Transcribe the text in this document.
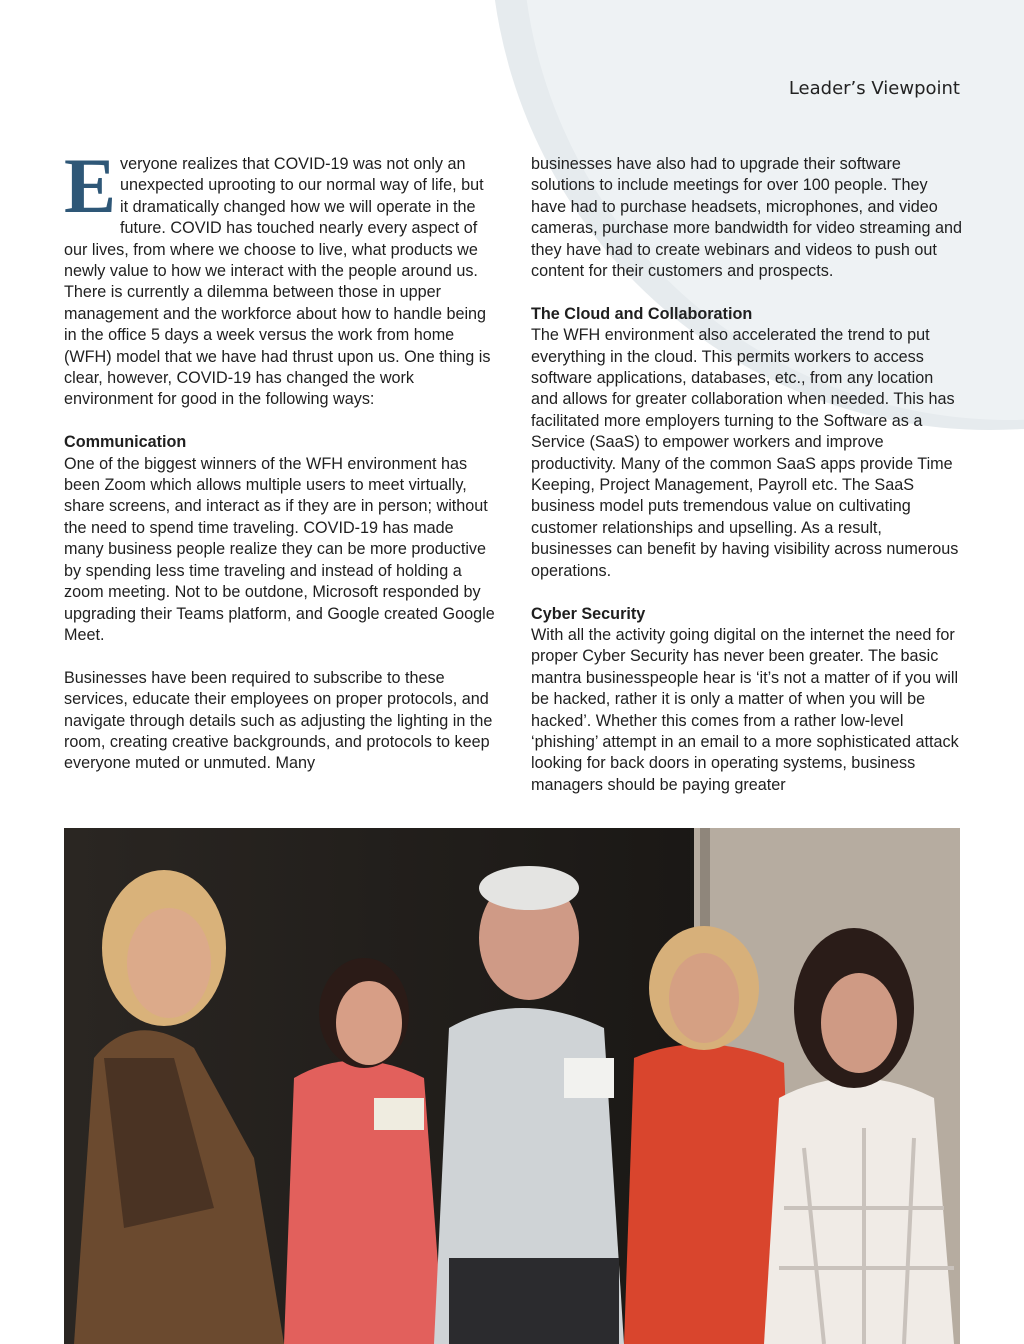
Leader’s Viewpoint

Everyone realizes that COVID-19 was not only an unexpected uprooting to our normal way of life, but it dramatically changed how we will operate in the future. COVID has touched nearly every aspect of our lives, from where we choose to live, what products we newly value to how we interact with the people around us. There is currently a dilemma between those in upper management and the workforce about how to handle being in the office 5 days a week versus the work from home (WFH) model that we have had thrust upon us. One thing is clear, however, COVID-19 has changed the work environment for good in the following ways:

Communication

One of the biggest winners of the WFH environment has been Zoom which allows multiple users to meet virtually, share screens, and interact as if they are in person; without the need to spend time traveling. COVID-19 has made many business people realize they can be more productive by spending less time traveling and instead of holding a zoom meeting. Not to be outdone, Microsoft responded by upgrading their Teams platform, and Google created Google Meet.

Businesses have been required to subscribe to these services, educate their employees on proper protocols, and navigate through details such as adjusting the lighting in the room, creating creative backgrounds, and protocols to keep everyone muted or unmuted. Many

businesses have also had to upgrade their software solutions to include meetings for over 100 people. They have had to purchase headsets, microphones, and video cameras, purchase more bandwidth for video streaming and they have had to create webinars and videos to push out content for their customers and prospects.

The Cloud and Collaboration

The WFH environment also accelerated the trend to put everything in the cloud. This permits workers to access software applications, databases, etc., from any location and allows for greater collaboration when needed. This has facilitated more employers turning to the Software as a Service (SaaS) to empower workers and improve productivity. Many of the common SaaS apps provide Time Keeping, Project Management, Payroll etc. The SaaS business model puts tremendous value on cultivating customer relationships and upselling. As a result, businesses can benefit by having visibility across numerous operations.

Cyber Security

With all the activity going digital on the internet the need for proper Cyber Security has never been greater. The basic mantra businesspeople hear is ‘it’s not a matter of if you will be hacked, rather it is only a matter of when you will be hacked’. Whether this comes from a rather low-level ‘phishing’ attempt in an email to a more sophisticated attack looking for back doors in operating systems, business managers should be paying greater
